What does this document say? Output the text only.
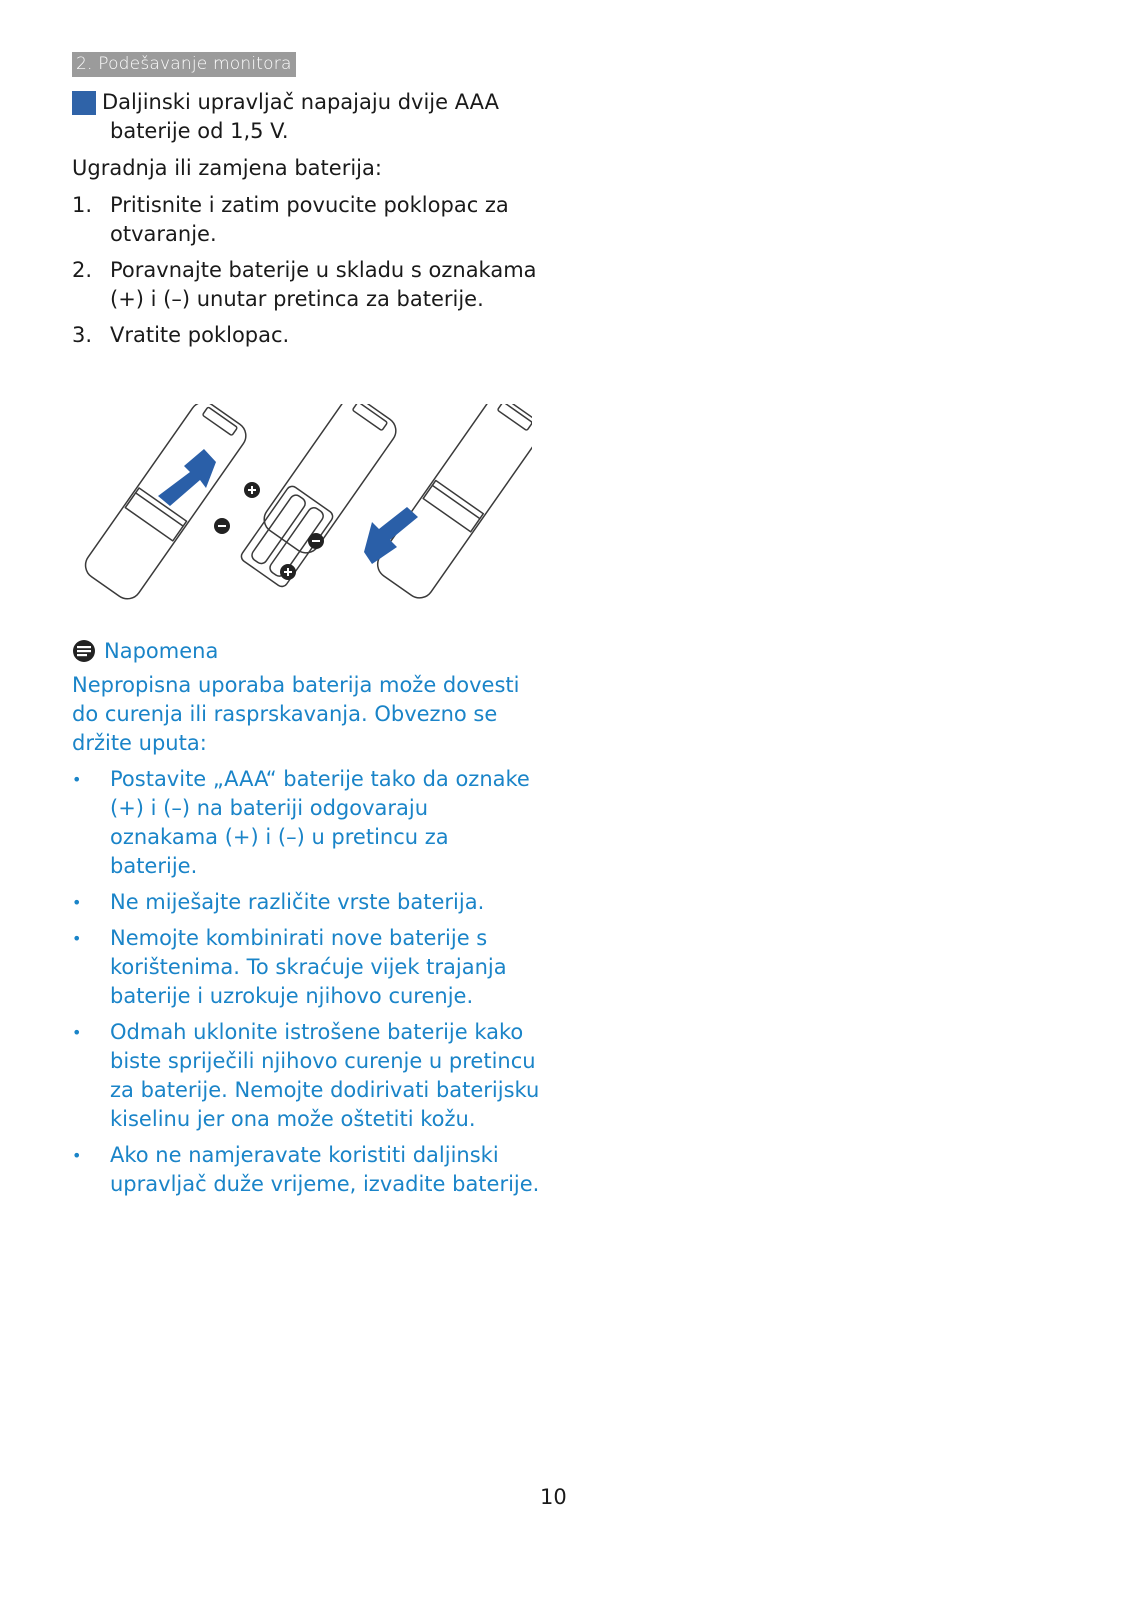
2. Podešavanje monitora

4 Daljinski upravljač napajaju dvije AAA baterije od 1,5 V.

Ugradnja ili zamjena baterija:

1. Pritisnite i zatim povucite poklopac za otvaranje.
2. Poravnajte baterije u skladu s oznakama (+) i (–) unutar pretinca za baterije.
3. Vratite poklopac.
Napomena

Nepropisna uporaba baterija može dovesti do curenja ili rasprskavanja. Obvezno se držite uputa:

• Postavite „AAA“ baterije tako da oznake (+) i (–) na bateriji odgovaraju oznakama (+) i (–) u pretincu za baterije.
• Ne miješajte različite vrste baterija.
• Nemojte kombinirati nove baterije s korištenima. To skraćuje vijek trajanja baterije i uzrokuje njihovo curenje.
• Odmah uklonite istrošene baterije kako biste spriječili njihovo curenje u pretincu za baterije. Nemojte dodirivati baterijsku kiselinu jer ona može oštetiti kožu.
• Ako ne namjeravate koristiti daljinski upravljač duže vrijeme, izvadite baterije.
10
